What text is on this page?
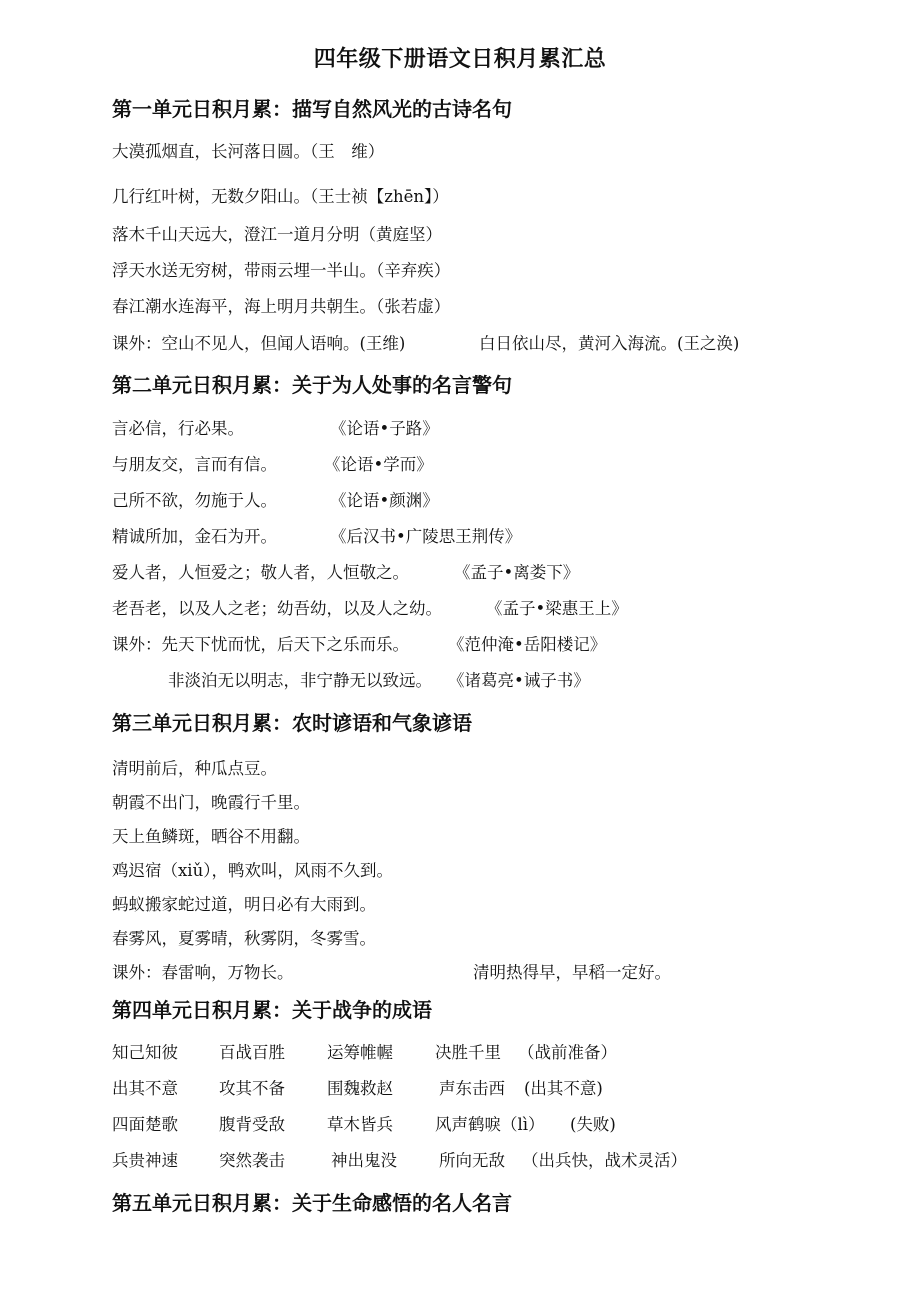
四年级下册语文日积月累汇总
第一单元日积月累：描写自然风光的古诗名句
大漠孤烟直，长河落日圆。（王　维）
几行红叶树，无数夕阳山。（王士祯【zhēn】）
落木千山天远大，澄江一道月分明（黄庭坚）
浮天水送无穷树，带雨云埋一半山。（辛弃疾）
春江潮水连海平，海上明月共朝生。（张若虚）
课外：空山不见人，但闻人语响。(王维)	白日依山尽，黄河入海流。(王之涣)
第二单元日积月累：关于为人处事的名言警句
言必信，行必果。	《论语•子路》
与朋友交，言而有信。	《论语•学而》
己所不欲，勿施于人。	《论语•颜渊》
精诚所加，金石为开。	《后汉书•广陵思王荆传》
爱人者，人恒爱之；敬人者，人恒敬之。	《孟子•离娄下》
老吾老，以及人之老；幼吾幼，以及人之幼。	《孟子•梁惠王上》
课外：先天下忧而忧，后天下之乐而乐。 《范仲淹•岳阳楼记》
非淡泊无以明志，非宁静无以致远。 《诸葛亮•诫子书》
第三单元日积月累：农时谚语和气象谚语
清明前后，种瓜点豆。
朝霞不出门，晚霞行千里。
天上鱼鳞斑，晒谷不用翻。
鸡迟宿（xiǔ），鸭欢叫，风雨不久到。
蚂蚁搬家蛇过道，明日必有大雨到。
春雾风，夏雾晴，秋雾阴，冬雾雪。
课外：春雷响，万物长。	清明热得早，早稻一定好。
第四单元日积月累：关于战争的成语
知己知彼 百战百胜	运筹帷幄	决胜千里 （战前准备）
出其不意 攻其不备	围魏救赵	声东击西 (出其不意)
四面楚歌 腹背受敌	草木皆兵	风声鹤唳（lì） (失败)
兵贵神速 突然袭击	神出鬼没	所向无敌 （出兵快，战术灵活）
第五单元日积月累：关于生命感悟的名人名言
